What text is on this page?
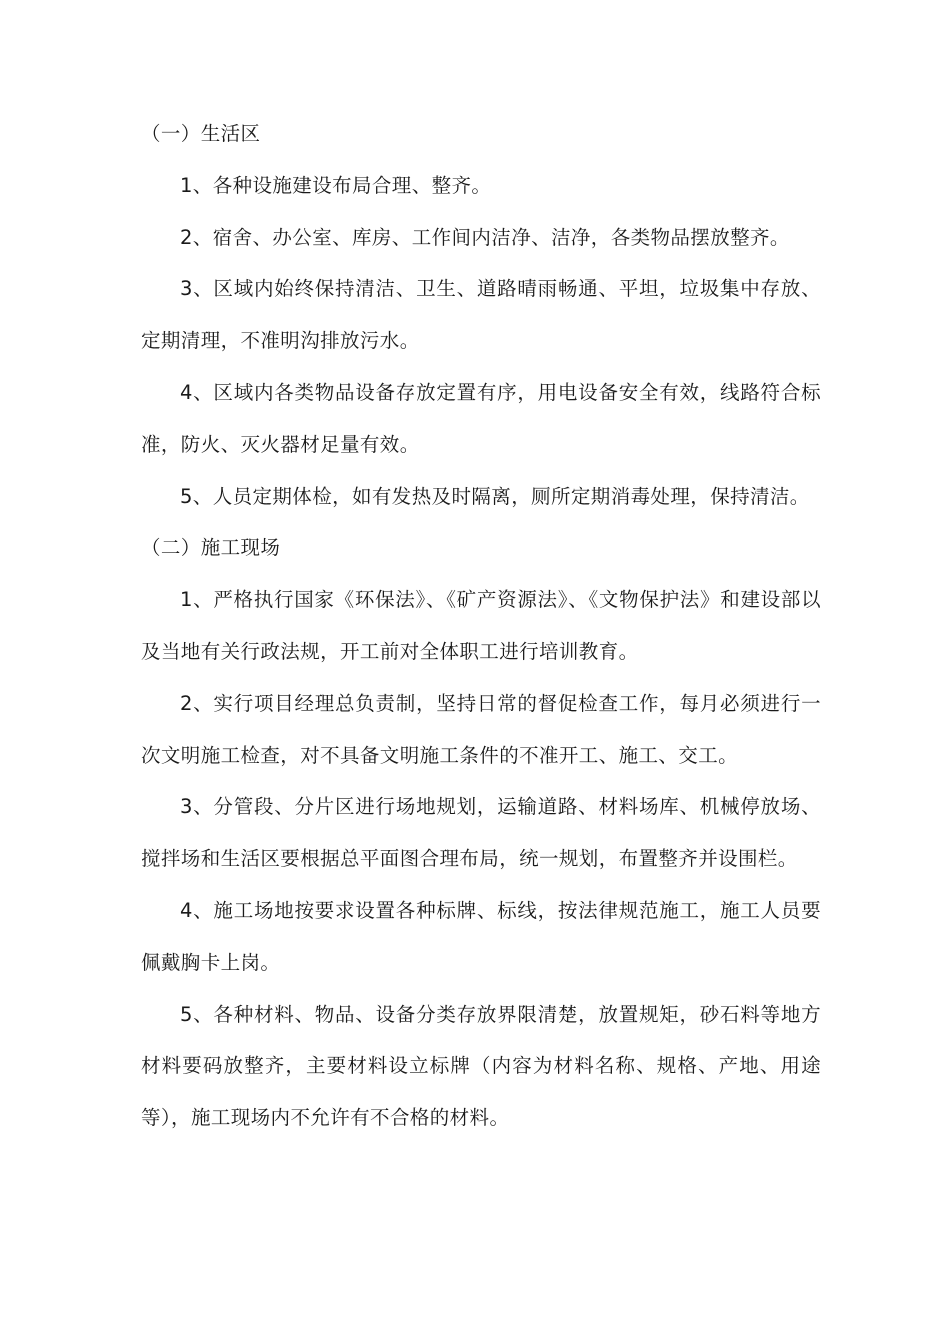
（一）生活区

1、各种设施建设布局合理、整齐。

2、宿舍、办公室、库房、工作间内洁净、洁净，各类物品摆放整齐。

3、区域内始终保持清洁、卫生、道路晴雨畅通、平坦，垃圾集中存放、定期清理，不准明沟排放污水。

4、区域内各类物品设备存放定置有序，用电设备安全有效，线路符合标准，防火、灭火器材足量有效。

5、人员定期体检，如有发热及时隔离，厕所定期消毒处理，保持清洁。

（二）施工现场

1、严格执行国家《环保法》、《矿产资源法》、《文物保护法》和建设部以及当地有关行政法规，开工前对全体职工进行培训教育。

2、实行项目经理总负责制，坚持日常的督促检查工作，每月必须进行一次文明施工检查，对不具备文明施工条件的不准开工、施工、交工。

3、分管段、分片区进行场地规划，运输道路、材料场库、机械停放场、搅拌场和生活区要根据总平面图合理布局，统一规划，布置整齐并设围栏。

4、施工场地按要求设置各种标牌、标线，按法律规范施工，施工人员要佩戴胸卡上岗。

5、各种材料、物品、设备分类存放界限清楚，放置规矩，砂石料等地方材料要码放整齐，主要材料设立标牌（内容为材料名称、规格、产地、用途等），施工现场内不允许有不合格的材料。
